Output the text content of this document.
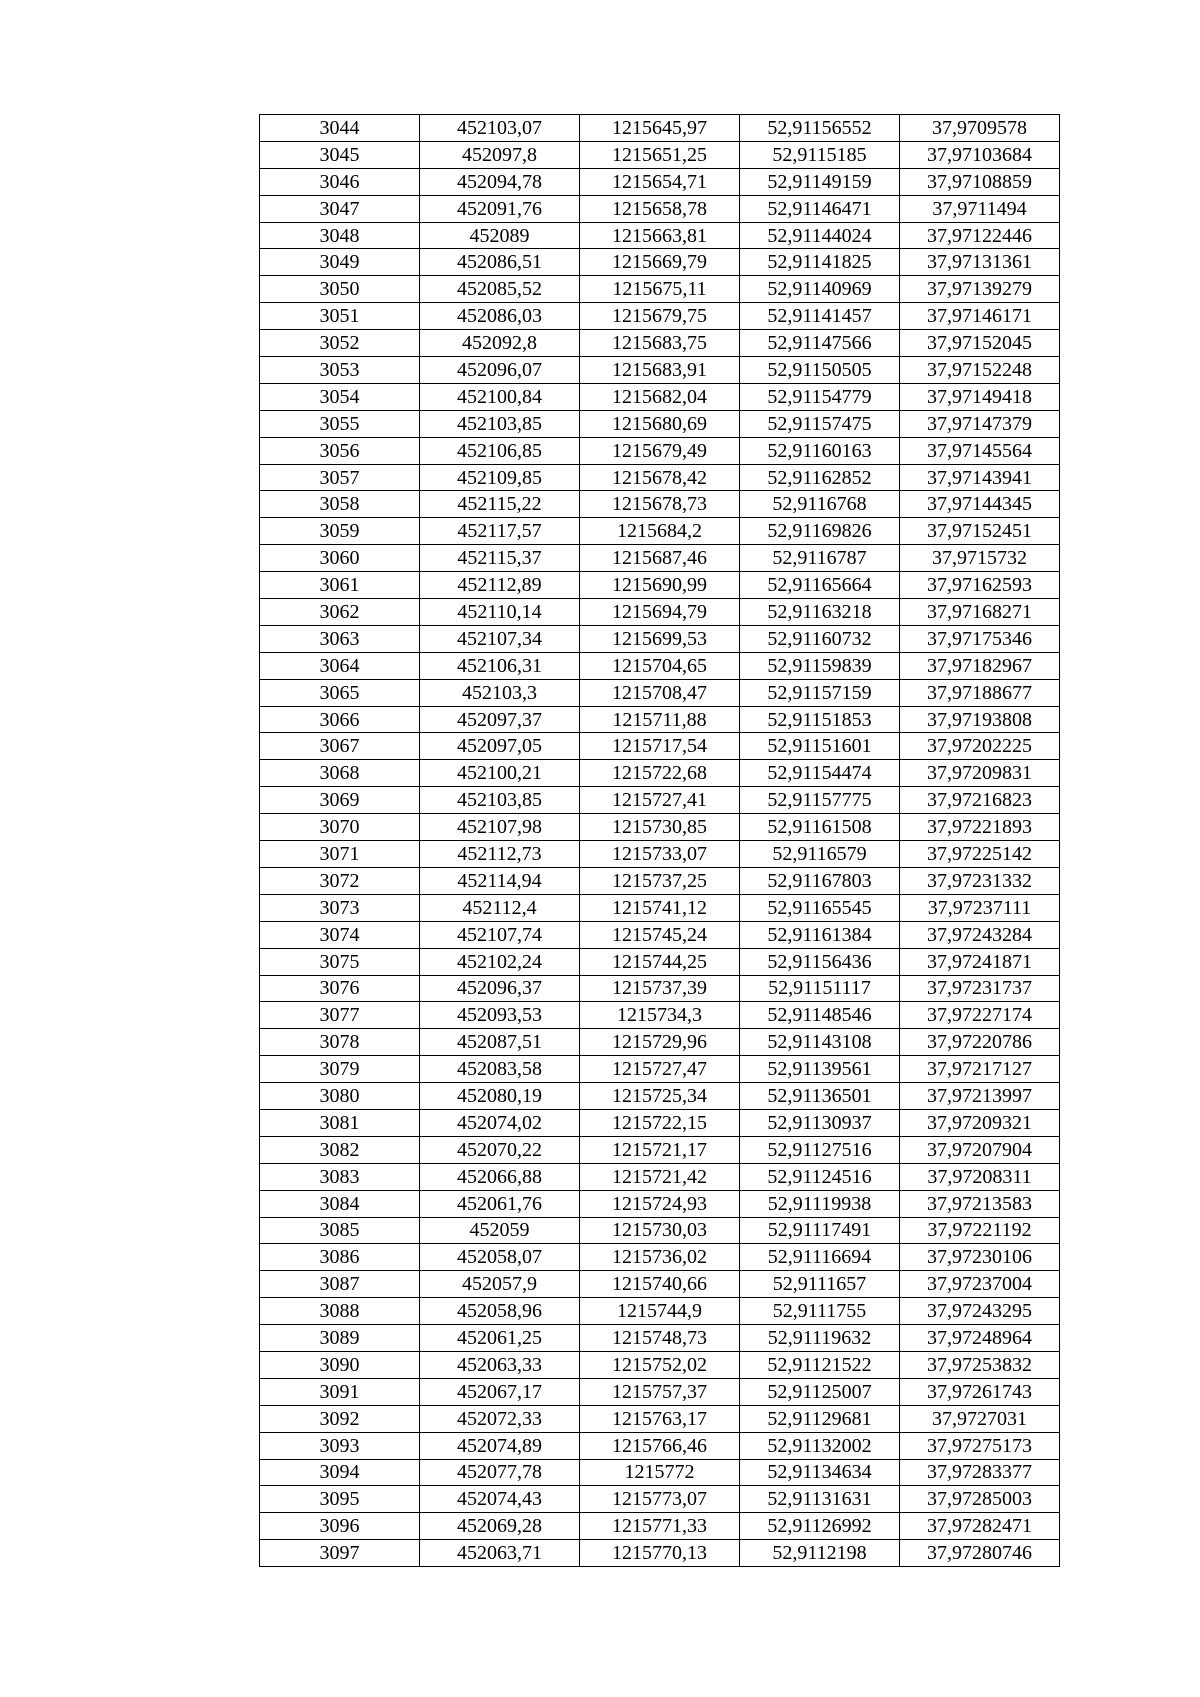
3044	452103,07	1215645,97	52,91156552	37,9709578
3045	452097,8	1215651,25	52,9115185	37,97103684
3046	452094,78	1215654,71	52,91149159	37,97108859
3047	452091,76	1215658,78	52,91146471	37,9711494
3048	452089	1215663,81	52,91144024	37,97122446
3049	452086,51	1215669,79	52,91141825	37,97131361
3050	452085,52	1215675,11	52,91140969	37,97139279
3051	452086,03	1215679,75	52,91141457	37,97146171
3052	452092,8	1215683,75	52,91147566	37,97152045
3053	452096,07	1215683,91	52,91150505	37,97152248
3054	452100,84	1215682,04	52,91154779	37,97149418
3055	452103,85	1215680,69	52,91157475	37,97147379
3056	452106,85	1215679,49	52,91160163	37,97145564
3057	452109,85	1215678,42	52,91162852	37,97143941
3058	452115,22	1215678,73	52,9116768	37,97144345
3059	452117,57	1215684,2	52,91169826	37,97152451
3060	452115,37	1215687,46	52,9116787	37,9715732
3061	452112,89	1215690,99	52,91165664	37,97162593
3062	452110,14	1215694,79	52,91163218	37,97168271
3063	452107,34	1215699,53	52,91160732	37,97175346
3064	452106,31	1215704,65	52,91159839	37,97182967
3065	452103,3	1215708,47	52,91157159	37,97188677
3066	452097,37	1215711,88	52,91151853	37,97193808
3067	452097,05	1215717,54	52,91151601	37,97202225
3068	452100,21	1215722,68	52,91154474	37,97209831
3069	452103,85	1215727,41	52,91157775	37,97216823
3070	452107,98	1215730,85	52,91161508	37,97221893
3071	452112,73	1215733,07	52,9116579	37,97225142
3072	452114,94	1215737,25	52,91167803	37,97231332
3073	452112,4	1215741,12	52,91165545	37,97237111
3074	452107,74	1215745,24	52,91161384	37,97243284
3075	452102,24	1215744,25	52,91156436	37,97241871
3076	452096,37	1215737,39	52,91151117	37,97231737
3077	452093,53	1215734,3	52,91148546	37,97227174
3078	452087,51	1215729,96	52,91143108	37,97220786
3079	452083,58	1215727,47	52,91139561	37,97217127
3080	452080,19	1215725,34	52,91136501	37,97213997
3081	452074,02	1215722,15	52,91130937	37,97209321
3082	452070,22	1215721,17	52,91127516	37,97207904
3083	452066,88	1215721,42	52,91124516	37,97208311
3084	452061,76	1215724,93	52,91119938	37,97213583
3085	452059	1215730,03	52,91117491	37,97221192
3086	452058,07	1215736,02	52,91116694	37,97230106
3087	452057,9	1215740,66	52,9111657	37,97237004
3088	452058,96	1215744,9	52,9111755	37,97243295
3089	452061,25	1215748,73	52,91119632	37,97248964
3090	452063,33	1215752,02	52,91121522	37,97253832
3091	452067,17	1215757,37	52,91125007	37,97261743
3092	452072,33	1215763,17	52,91129681	37,9727031
3093	452074,89	1215766,46	52,91132002	37,97275173
3094	452077,78	1215772	52,91134634	37,97283377
3095	452074,43	1215773,07	52,91131631	37,97285003
3096	452069,28	1215771,33	52,91126992	37,97282471
3097	452063,71	1215770,13	52,9112198	37,97280746
